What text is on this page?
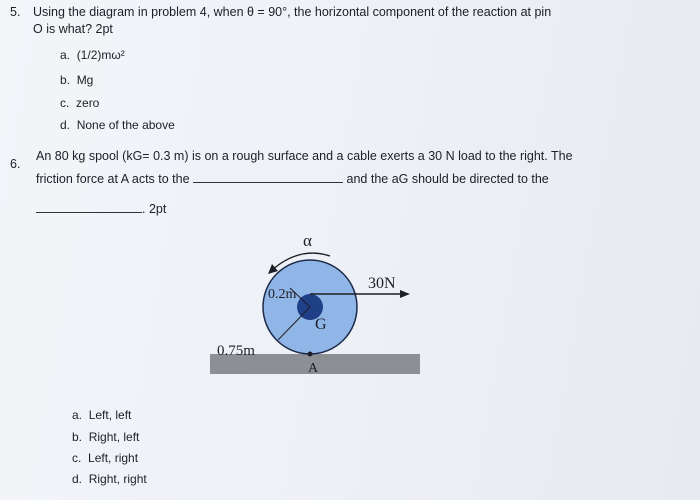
5. Using the diagram in problem 4, when θ = 90°, the horizontal component of the reaction at pin
O is what? 2pt
a. (1/2)mω²
b. Mg
c. zero
d. None of the above
6.
An 80 kg spool (kG= 0.3 m) is on a rough surface and a cable exerts a 30 N load to the right. The
friction force at A acts to the	and the aG should be directed to the
. 2pt
α
30N
0.2m
G
0.75m
A
a. Left, left
b. Right, left
c. Left, right
d. Right, right
